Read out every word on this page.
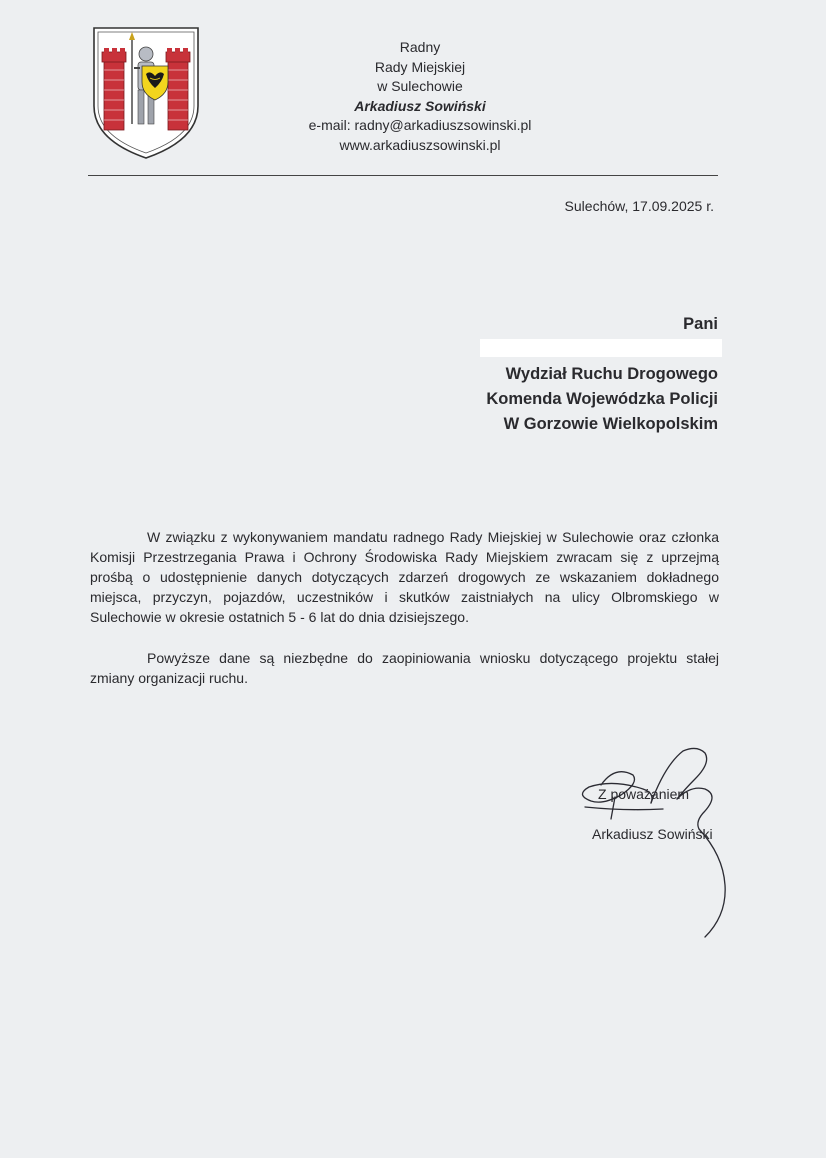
Radny
Rady Miejskiej
w Sulechowie
Arkadiusz Sowiński
e-mail: radny@arkadiuszsowinski.pl
www.arkadiuszsowinski.pl
Sulechów, 17.09.2025 r.
Pani
Wydział Ruchu Drogowego
Komenda Wojewódzka Policji
W Gorzowie Wielkopolskim

W związku z wykonywaniem mandatu radnego Rady Miejskiej w Sulechowie oraz członka Komisji Przestrzegania Prawa i Ochrony Środowiska Rady Miejskiem zwracam się z uprzejmą prośbą o udostępnienie danych dotyczących zdarzeń drogowych ze wskazaniem dokładnego miejsca, przyczyn, pojazdów, uczestników i skutków zaistniałych na ulicy Olbromskiego w Sulechowie w okresie ostatnich 5 - 6 lat do dnia dzisiejszego.

Powyższe dane są niezbędne do zaopiniowania wniosku dotyczącego projektu stałej zmiany organizacji ruchu.

Z poważaniem
Arkadiusz Sowiński
